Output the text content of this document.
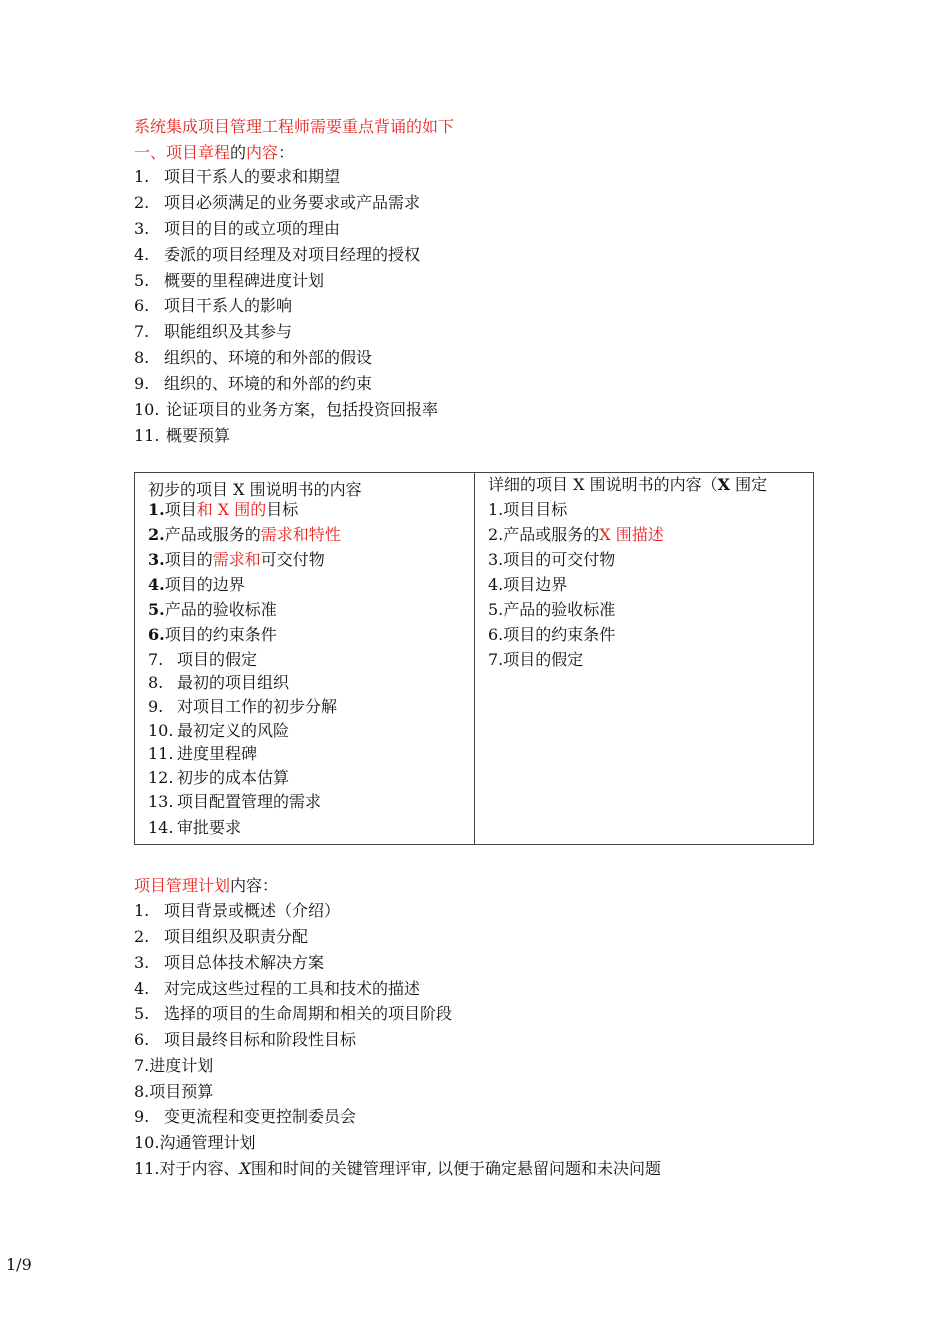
系统集成项目管理工程师需要重点背诵的如下
一、项目章程的内容：
1. 项目干系人的要求和期望
2. 项目必须满足的业务要求或产品需求
3. 项目的目的或立项的理由
4. 委派的项目经理及对项目经理的授权
5. 概要的里程碑进度计划
6. 项目干系人的影响
7. 职能组织及其参与
8. 组织的、环境的和外部的假设
9. 组织的、环境的和外部的约束
10. 论证项目的业务方案，包括投资回报率
11. 概要预算
初步的项目 X 围说明书的内容
1.项目和 X 围的目标
2.产品或服务的需求和特性
3.项目的需求和可交付物
4.项目的边界
5.产品的验收标准
6.项目的约束条件
7. 项目的假定
8. 最初的项目组织
9. 对项目工作的初步分解
10. 最初定义的风险
11. 进度里程碑
12. 初步的成本估算
13. 项目配置管理的需求
14. 审批要求
详细的项目 X 围说明书的内容（X 围定
1.项目目标
2.产品或服务的X 围描述
3.项目的可交付物
4.项目边界
5.产品的验收标准
6.项目的约束条件
7.项目的假定
项目管理计划内容：
1. 项目背景或概述（介绍）
2. 项目组织及职责分配
3. 项目总体技术解决方案
4. 对完成这些过程的工具和技术的描述
5. 选择的项目的生命周期和相关的项目阶段
6. 项目最终目标和阶段性目标
7.进度计划
8.项目预算
9. 变更流程和变更控制委员会
10.沟通管理计划
11.对于内容、X围和时间的关键管理评审, 以便于确定悬留问题和未决问题
1/9
